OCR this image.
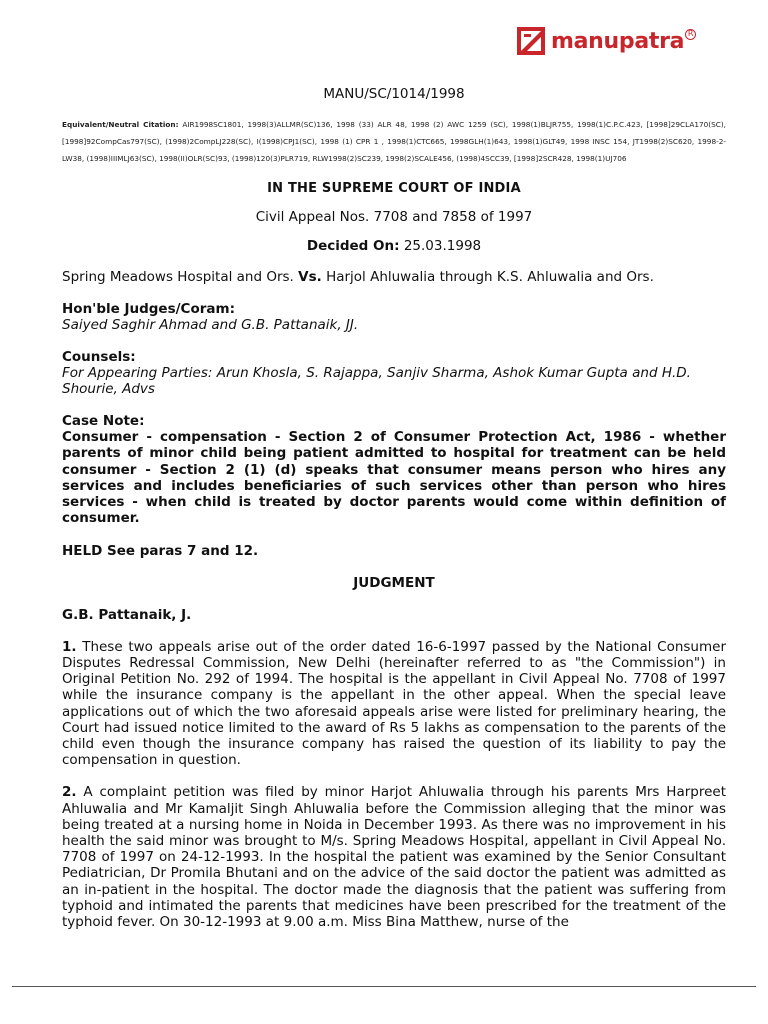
manupatra R
MANU/SC/1014/1998
Equivalent/Neutral Citation: AIR1998SC1801, 1998(3)ALLMR(SC)136, 1998 (33) ALR 48, 1998 (2) AWC 1259 (SC), 1998(1)BLJR755, 1998(1)C.P.C.423, [1998]29CLA170(SC), [1998]92CompCas797(SC), (1998)2CompLJ228(SC), I(1998)CPJ1(SC), 1998 (1) CPR 1 , 1998(1)CTC665, 1998GLH(1)643, 1998(1)GLT49, 1998 INSC 154, JT1998(2)SC620, 1998-2-LW38, (1998)IIIMLJ63(SC), 1998(II)OLR(SC)93, (1998)120(3)PLR719, RLW1998(2)SC239, 1998(2)SCALE456, (1998)4SCC39, [1998]2SCR428, 1998(1)UJ706
IN THE SUPREME COURT OF INDIA
Civil Appeal Nos. 7708 and 7858 of 1997
Decided On: 25.03.1998
Spring Meadows Hospital and Ors. Vs. Harjol Ahluwalia through K.S. Ahluwalia and Ors.
Hon'ble Judges/Coram:
Saiyed Saghir Ahmad and G.B. Pattanaik, JJ.
Counsels:
For Appearing Parties: Arun Khosla, S. Rajappa, Sanjiv Sharma, Ashok Kumar Gupta and H.D. Shourie, Advs
Case Note:
Consumer - compensation - Section 2 of Consumer Protection Act, 1986 - whether parents of minor child being patient admitted to hospital for treatment can be held consumer - Section 2 (1) (d) speaks that consumer means person who hires any services and includes beneficiaries of such services other than person who hires services - when child is treated by doctor parents would come within definition of consumer.
HELD See paras 7 and 12.
JUDGMENT
G.B. Pattanaik, J.
1. These two appeals arise out of the order dated 16-6-1997 passed by the National Consumer Disputes Redressal Commission, New Delhi (hereinafter referred to as "the Commission") in Original Petition No. 292 of 1994. The hospital is the appellant in Civil Appeal No. 7708 of 1997 while the insurance company is the appellant in the other appeal. When the special leave applications out of which the two aforesaid appeals arise were listed for preliminary hearing, the Court had issued notice limited to the award of Rs 5 lakhs as compensation to the parents of the child even though the insurance company has raised the question of its liability to pay the compensation in question.
2. A complaint petition was filed by minor Harjot Ahluwalia through his parents Mrs Harpreet Ahluwalia and Mr Kamaljit Singh Ahluwalia before the Commission alleging that the minor was being treated at a nursing home in Noida in December 1993. As there was no improvement in his health the said minor was brought to M/s. Spring Meadows Hospital, appellant in Civil Appeal No. 7708 of 1997 on 24-12-1993. In the hospital the patient was examined by the Senior Consultant Pediatrician, Dr Promila Bhutani and on the advice of the said doctor the patient was admitted as an in-patient in the hospital. The doctor made the diagnosis that the patient was suffering from typhoid and intimated the parents that medicines have been prescribed for the treatment of the typhoid fever. On 30-12-1993 at 9.00 a.m. Miss Bina Matthew, nurse of the
